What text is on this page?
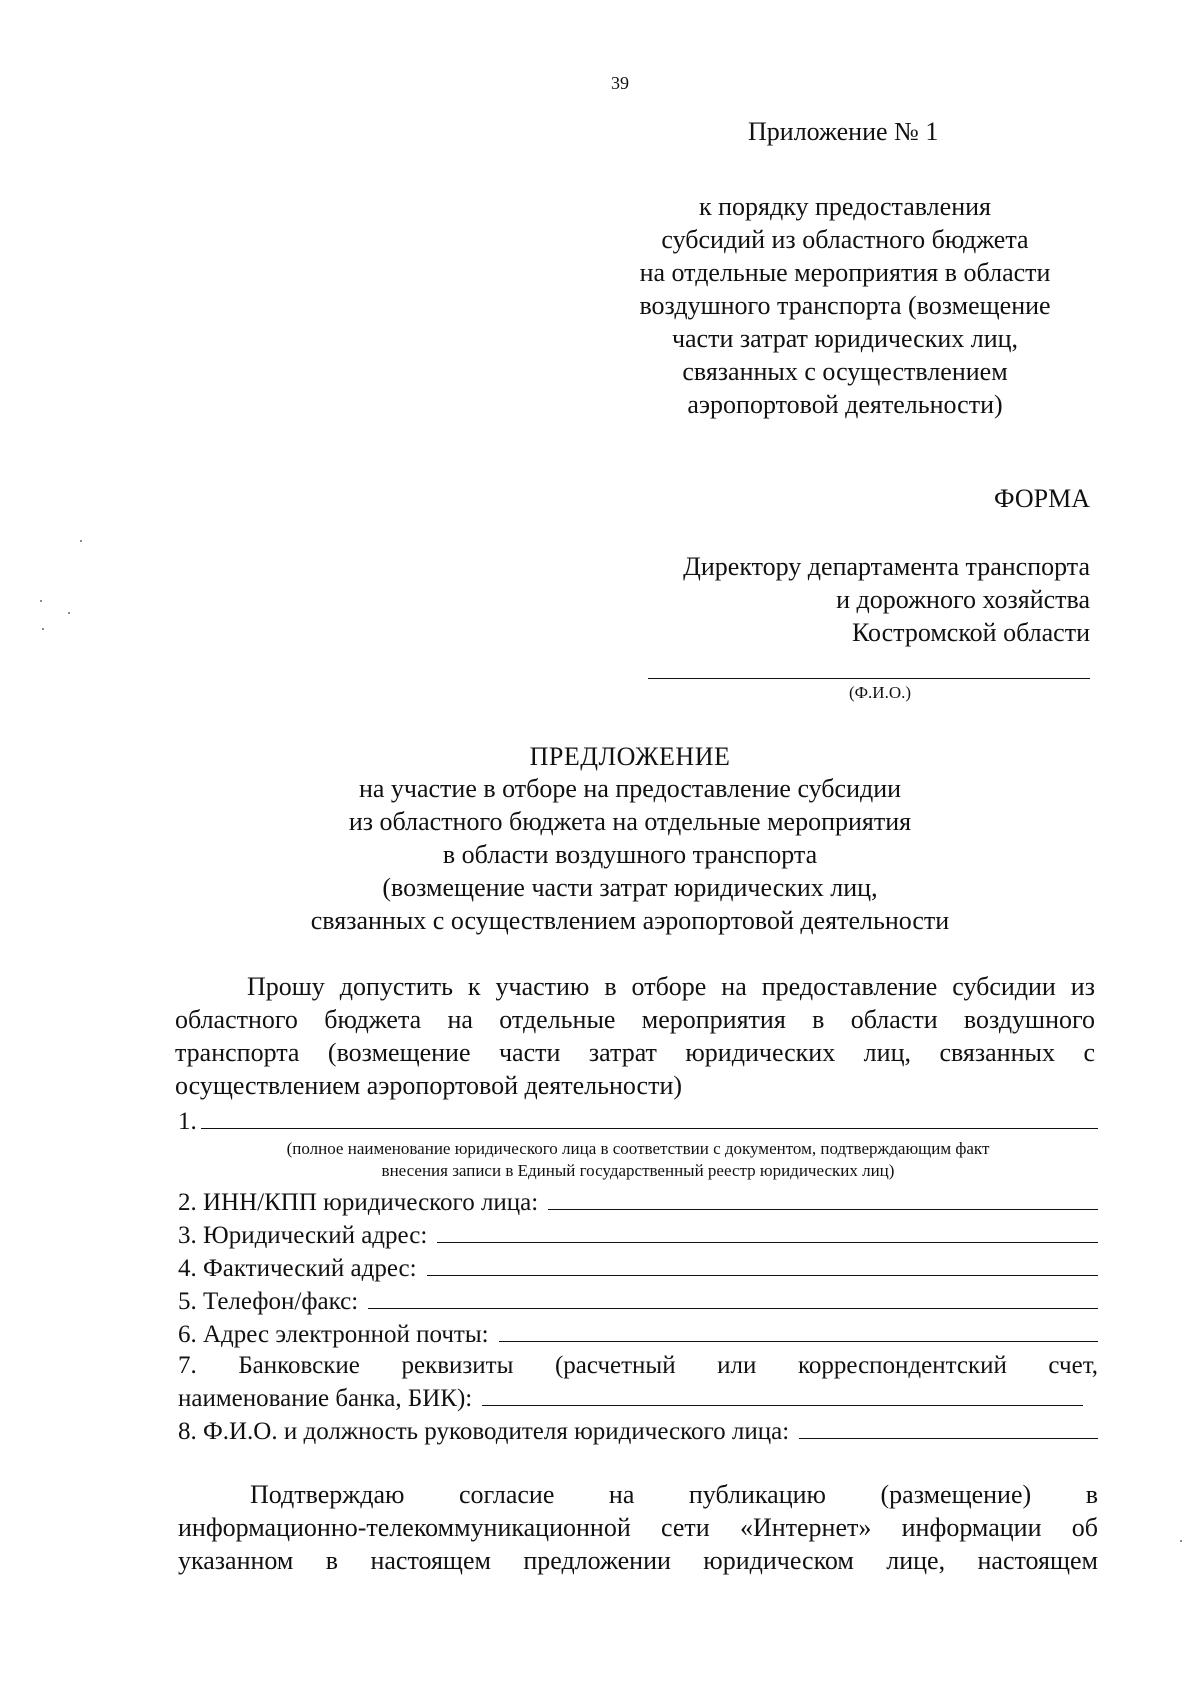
39
Приложение № 1
к порядку предоставления
субсидий из областного бюджета
на отдельные мероприятия в области
воздушного транспорта (возмещение
части затрат юридических лиц,
связанных с осуществлением
аэропортовой деятельности)
ФОРМА
Директору департамента транспорта
и дорожного хозяйства
Костромской области
(Ф.И.О.)
ПРЕДЛОЖЕНИЕ
на участие в отборе на предоставление субсидии
из областного бюджета на отдельные мероприятия
в области воздушного транспорта
(возмещение части затрат юридических лиц,
связанных с осуществлением аэропортовой деятельности
Прошу допустить к участию в отборе на предоставление субсидии из
областного бюджета на отдельные мероприятия в области воздушного
транспорта (возмещение части затрат юридических лиц, связанных с
осуществлением аэропортовой деятельности)
1.
(полное наименование юридического лица в соответствии с документом, подтверждающим факт
внесения записи в Единый государственный реестр юридических лиц)
2. ИНН/КПП юридического лица:
3. Юридический адрес:
4. Фактический адрес:
5. Телефон/факс:
6. Адрес электронной почты:
7. Банковские реквизиты (расчетный или корреспондентский счет,
наименование банка, БИК):
8. Ф.И.О. и должность руководителя юридического лица:
Подтверждаю согласие на публикацию (размещение) в
информационно-телекоммуникационной сети «Интернет» информации об
указанном в настоящем предложении юридическом лице, настоящем
